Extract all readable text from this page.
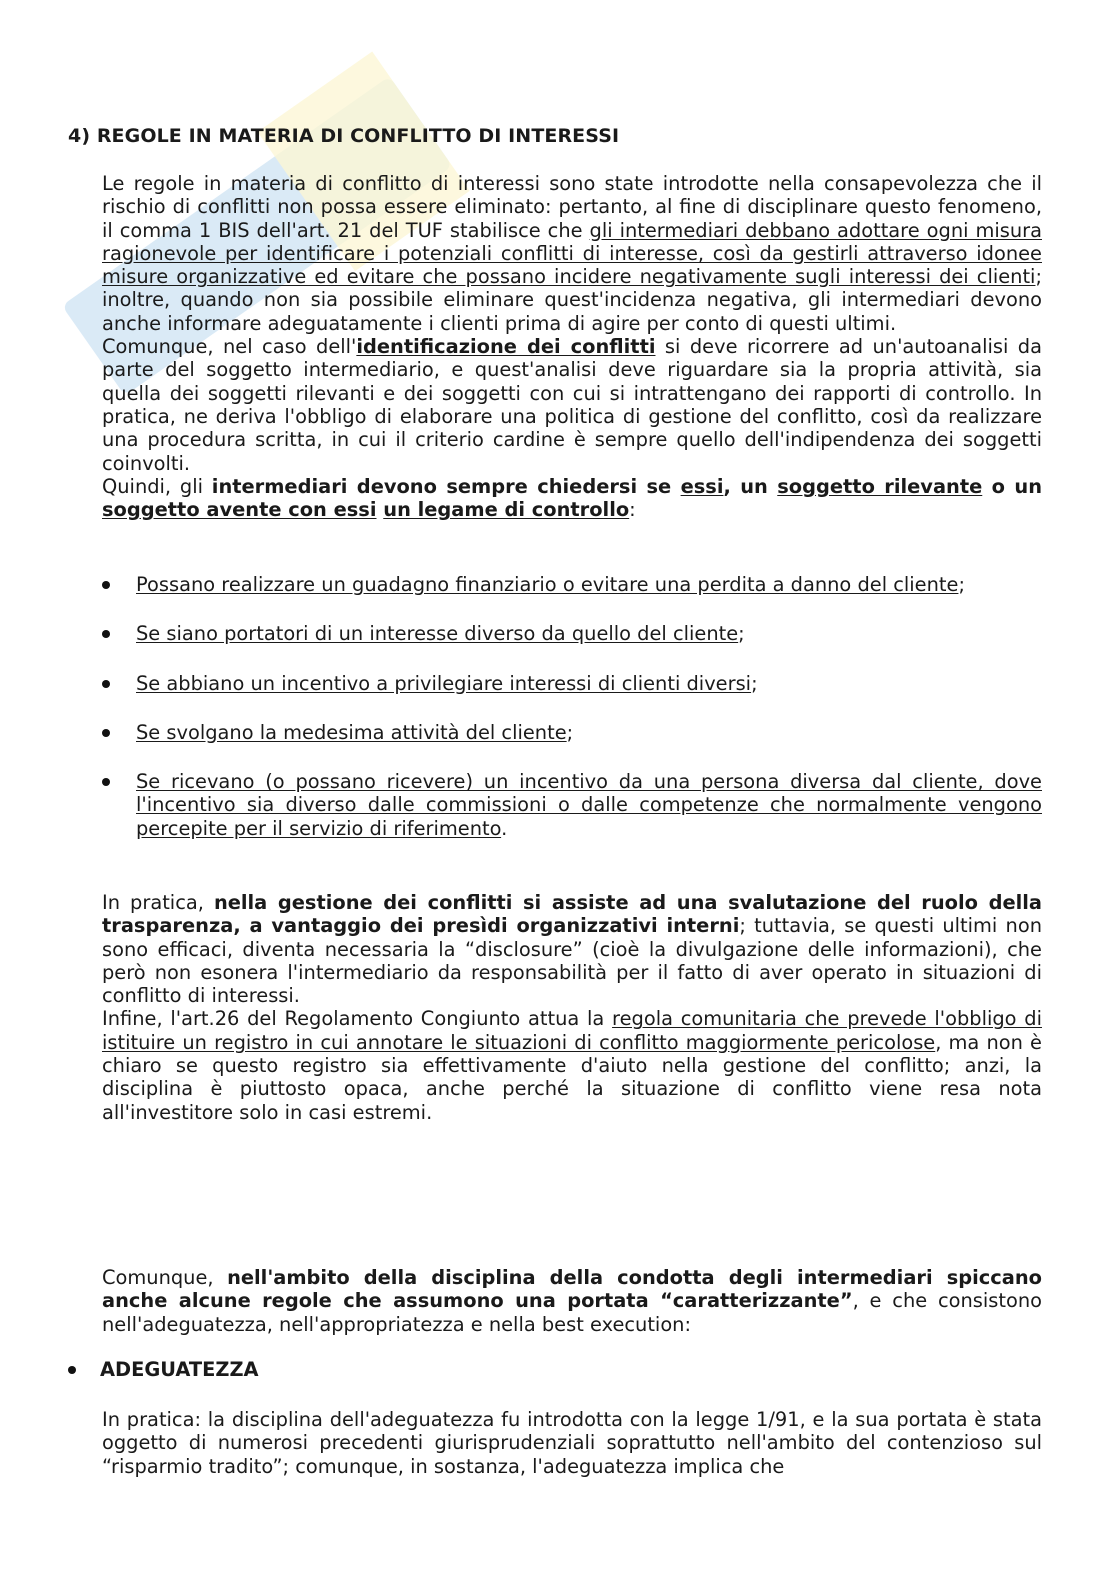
4) REGOLE IN MATERIA DI CONFLITTO DI INTERESSI

Le regole in materia di conflitto di interessi sono state introdotte nella consapevolezza che il rischio di conflitti non possa essere eliminato: pertanto, al fine di disciplinare questo fenomeno, il comma 1 BIS dell'art. 21 del TUF stabilisce che gli intermediari debbano adottare ogni misura ragionevole per identificare i potenziali conflitti di interesse, così da gestirli attraverso idonee misure organizzative ed evitare che possano incidere negativamente sugli interessi dei clienti; inoltre, quando non sia possibile eliminare quest'incidenza negativa, gli intermediari devono anche informare adeguatamente i clienti prima di agire per conto di questi ultimi.

Comunque, nel caso dell'identificazione dei conflitti si deve ricorrere ad un'autoanalisi da parte del soggetto intermediario, e quest'analisi deve riguardare sia la propria attività, sia quella dei soggetti rilevanti e dei soggetti con cui si intrattengano dei rapporti di controllo. In pratica, ne deriva l'obbligo di elaborare una politica di gestione del conflitto, così da realizzare una procedura scritta, in cui il criterio cardine è sempre quello dell'indipendenza dei soggetti coinvolti.

Quindi, gli intermediari devono sempre chiedersi se essi, un soggetto rilevante o un soggetto avente con essi un legame di controllo:

Possano realizzare un guadagno finanziario o evitare una perdita a danno del cliente;
Se siano portatori di un interesse diverso da quello del cliente;
Se abbiano un incentivo a privilegiare interessi di clienti diversi;
Se svolgano la medesima attività del cliente;
Se ricevano (o possano ricevere) un incentivo da una persona diversa dal cliente, dove l'incentivo sia diverso dalle commissioni o dalle competenze che normalmente vengono percepite per il servizio di riferimento.

In pratica, nella gestione dei conflitti si assiste ad una svalutazione del ruolo della trasparenza, a vantaggio dei presìdi organizzativi interni; tuttavia, se questi ultimi non sono efficaci, diventa necessaria la “disclosure” (cioè la divulgazione delle informazioni), che però non esonera l'intermediario da responsabilità per il fatto di aver operato in situazioni di conflitto di interessi.

Infine, l'art.26 del Regolamento Congiunto attua la regola comunitaria che prevede l'obbligo di istituire un registro in cui annotare le situazioni di conflitto maggiormente pericolose, ma non è chiaro se questo registro sia effettivamente d'aiuto nella gestione del conflitto; anzi, la disciplina è piuttosto opaca, anche perché la situazione di conflitto viene resa nota all'investitore solo in casi estremi.

Comunque, nell'ambito della disciplina della condotta degli intermediari spiccano anche alcune regole che assumono una portata “caratterizzante”, e che consistono nell'adeguatezza, nell'appropriatezza e nella best execution:

ADEGUATEZZA

In pratica: la disciplina dell'adeguatezza fu introdotta con la legge 1/91, e la sua portata è stata oggetto di numerosi precedenti giurisprudenziali soprattutto nell'ambito del contenzioso sul “risparmio tradito”; comunque, in sostanza, l'adeguatezza implica che
